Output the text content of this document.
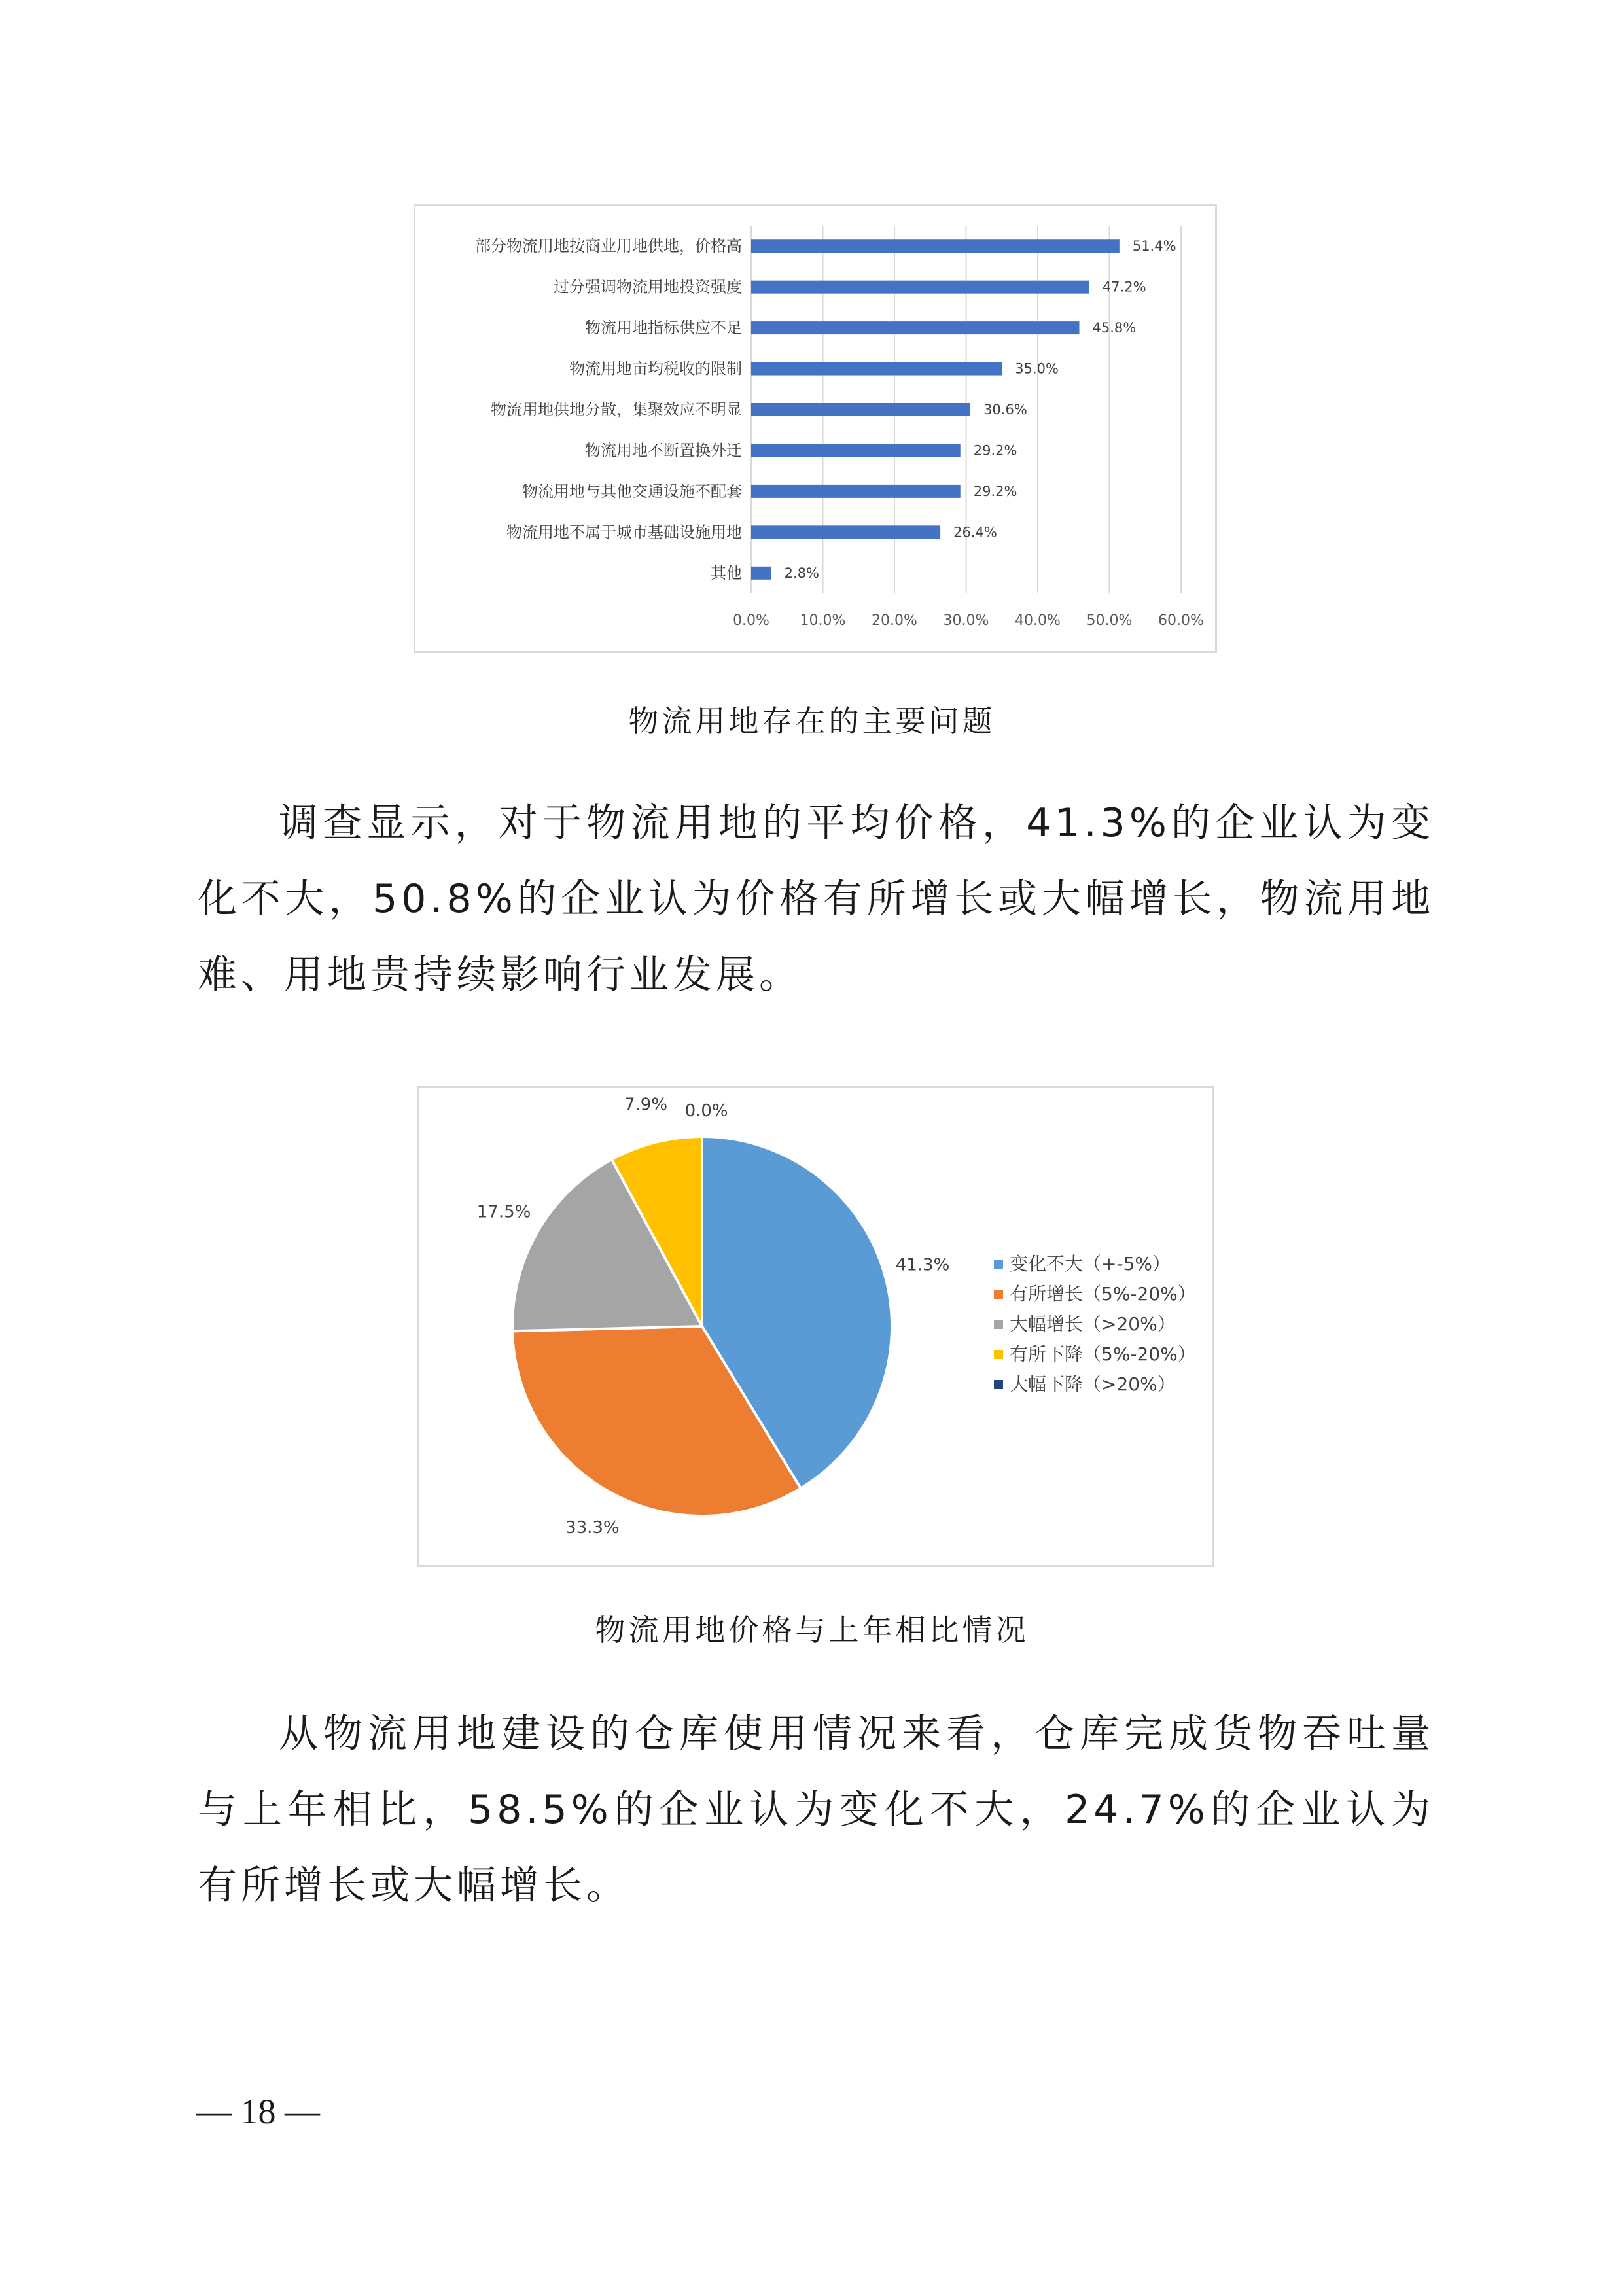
0.0% 10.0% 20.0% 30.0% 40.0% 50.0% 60.0%
部分物流用地按商业用地供地，价格高	51.4%
过分强调物流用地投资强度	47.2%
物流用地指标供应不足	45.8%
物流用地亩均税收的限制	35.0%
物流用地供地分散，集聚效应不明显	30.6%
物流用地不断置换外迁	29.2%
物流用地与其他交通设施不配套	29.2%
物流用地不属于城市基础设施用地	26.4%
其他	2.8%
物流用地存在的主要问题

调查显示，对于物流用地的平均价格，41.3%的企业认为变化不大，50.8%的企业认为价格有所增长或大幅增长，物流用地难、用地贵持续影响行业发展。

41.3%
33.3%
17.5%
7.9% 0.0%
变化不大（+-5%）
有所增长（5%-20%）
大幅增长（>20%）
有所下降（5%-20%）
大幅下降（>20%）
物流用地价格与上年相比情况

从物流用地建设的仓库使用情况来看，仓库完成货物吞吐量与上年相比，58.5%的企业认为变化不大，24.7%的企业认为有所增长或大幅增长。

— 18 —
